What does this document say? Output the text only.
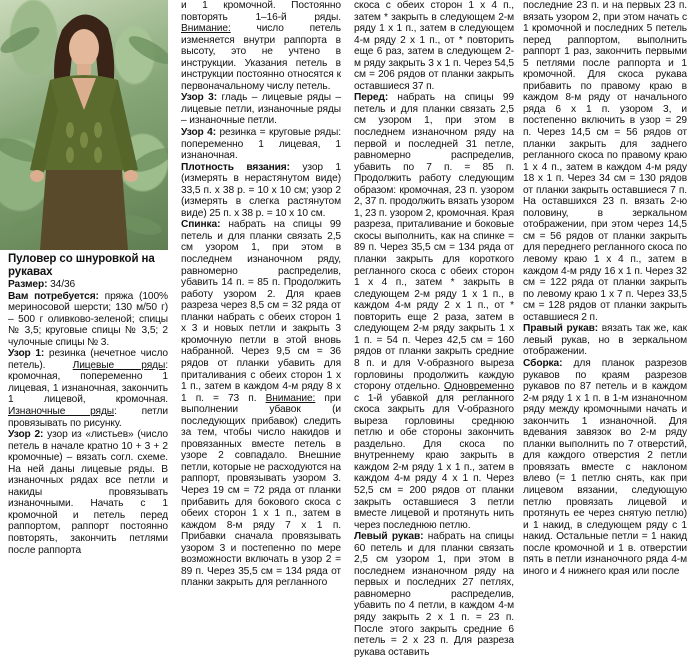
Пуловер со шнуровкой на рукавах

Размер: 34/36

Вам потребуется: пряжа (100% мериносовой шерсти; 130 м/50 г) – 500 г оливково-зеленой; спицы № 3,5; круговые спицы № 3,5; 2 чулочные спицы № 3.

Узор 1: резинка (нечетное число петель). Лицевые ряды: кромочная, попеременно 1 лицевая, 1 изнаночная, закончить 1 лицевой, кромочная. Изнаночные ряды: петли провязывать по рисунку.

Узор 2: узор из «листьев» (число петель в начале кратно 10 + 3 + 2 кромочные) – вязать согл. схеме. На ней даны лицевые ряды. В изнаночных рядах все петли и накиды провязывать изнаночными. Начать с 1 кромочной и петель перед раппортом, раппорт постоянно повторять, закончить петлями после раппорта

и 1 кромочной. Постоянно повторять 1–16-й ряды. Внимание: число петель изменяется внутри раппорта в высоту, это не учтено в инструкции. Указания петель в инструкции постоянно относятся к первоначальному числу петель.

Узор 3: гладь – лицевые ряды – лицевые петли, изнаночные ряды – изнаночные петли.

Узор 4: резинка = круговые ряды: попеременно 1 лицевая, 1 изнаночная.

Плотность вязания: узор 1 (измерять в нерастянутом виде) 33,5 п. x 38 р. = 10 x 10 см; узор 2 (измерять в слегка растянутом виде) 25 п. x 38 р. = 10 x 10 см.

Спинка: набрать на спицы 99 петель и для планки связать 2,5 см узором 1, при этом в последнем изнаночном ряду, равномерно распределив, убавить 14 п. = 85 п. Продолжить работу узором 2. Для краев разреза через 8,5 см = 32 ряда от планки набрать с обеих сторон 1 x 3 и новых петли и закрыть 3 кромочную петли в этой вновь набранной. Через 9,5 см = 36 рядов от планки убавить для приталивания с обеих сторон 1 x 1 п., затем в каждом 4-м ряду 8 x 1 п. = 73 п. Внимание: при выполнении убавок (и последующих прибавок) следить за тем, чтобы число накидов и провязанных вместе петель в узоре 2 совпадало. Внешние петли, которые не расходуются на раппорт, провязывать узором 3. Через 19 см = 72 ряда от планки прибавить для бокового скоса с обеих сторон 1 x 1 п., затем в каждом 8-м ряду 7 x 1 п. Прибавки сначала провязывать узором 3 и постепенно по мере возможности включать в узор 2 = 89 п. Через 35,5 см = 134 ряда от планки закрыть для регланного

скоса с обеих сторон 1 x 4 п., затем * закрыть в следующем 2-м ряду 1 x 1 п., затем в следующем 4-м ряду 2 x 1 п., от * повторить еще 6 раз, затем в следующем 2-м ряду закрыть 3 x 1 п. Через 54,5 см = 206 рядов от планки закрыть оставшиеся 37 п.

Перед: набрать на спицы 99 петель и для планки связать 2,5 см узором 1, при этом в последнем изнаночном ряду на первой и последней 31 петле, равномерно распределив, убавить по 7 п. = 85 п. Продолжить работу следующим образом: кромочная, 23 п. узором 2, 37 п. продолжить вязать узором 1, 23 п. узором 2, кромочная. Края разреза, приталивание и боковые скосы выполнить, как на спинке = 89 п. Через 35,5 см = 134 ряда от планки закрыть для короткого регланного скоса с обеих сторон 1 x 4 п., затем * закрыть в следующем 2-м ряду 1 x 1 п., в каждом 4-м ряду 2 x 1 п., от * повторить еще 2 раза, затем в следующем 2-м ряду закрыть 1 x 1 п. = 54 п. Через 42,5 см = 160 рядов от планки закрыть средние 8 п. и для V-образного выреза горловины продолжить каждую сторону отдельно. Одновременно с 1-й убавкой для регланного скоса закрыть для V-образного выреза горловины среднюю петлю и обе стороны закончить раздельно. Для скоса по внутреннему краю закрыть в каждом 2-м ряду 1 x 1 п., затем в каждом 4-м ряду 4 x 1 п. Через 52,5 см = 200 рядов от планки закрыть оставшиеся 3 петли вместе лицевой и протянуть нить через последнюю петлю.

Левый рукав: набрать на спицы 60 петель и для планки связать 2,5 см узором 1, при этом в последнем изнаночном ряду на первых и последних 27 петлях, равномерно распределив, убавить по 4 петли, в каждом 4-м ряду закрыть 2 x 1 п. = 23 п. После этого закрыть средние 6 петель = 2 x 23 п. Для разреза рукава оставить

последние 23 п. и на первых 23 п. вязать узором 2, при этом начать с 1 кромочной и последних 5 петель перед раппортом, выполнить раппорт 1 раз, закончить первыми 5 петлями после раппорта и 1 кромочной. Для скоса рукава прибавить по правому краю в каждом 8-м ряду от начального ряда 6 x 1 п. узором 3, и постепенно включить в узор = 29 п. Через 14,5 см = 56 рядов от планки закрыть для заднего регланного скоса по правому краю 1 x 4 п., затем в каждом 4-м ряду 18 x 1 п. Через 34 см = 130 рядов от планки закрыть оставшиеся 7 п. На оставшихся 23 п. вязать 2-ю половину, в зеркальном отображении, при этом через 14,5 см = 56 рядов от планки закрыть для переднего регланного скоса по левому краю 1 x 4 п., затем в каждом 4-м ряду 16 x 1 п. Через 32 см = 122 ряда от планки закрыть по левому краю 1 x 7 п. Через 33,5 см = 128 рядов от планки закрыть оставшиеся 2 п.

Правый рукав: вязать так же, как левый рукав, но в зеркальном отображении.

Сборка: для планок разрезов рукавов по краям разрезов рукавов по 87 петель и в каждом 2-м ряду 1 x 1 п. в 1-м изнаночном ряду между кромочными начать и закончить 1 изнаночной. Для вдевания завязок во 2-м ряду планки выполнить по 7 отверстий, для каждого отверстия 2 петли провязать вместе с наклоном влево (= 1 петлю снять, как при лицевом вязании, следующую петлю провязать лицевой и протянуть ее через снятую петлю) и 1 накид, в следующем ряду с 1 накид. Остальные петли = 1 накид после кромочной и 1 в. отверстии пять в петли изнаночного ряда 4-м иного и 4 нижнего края или после
